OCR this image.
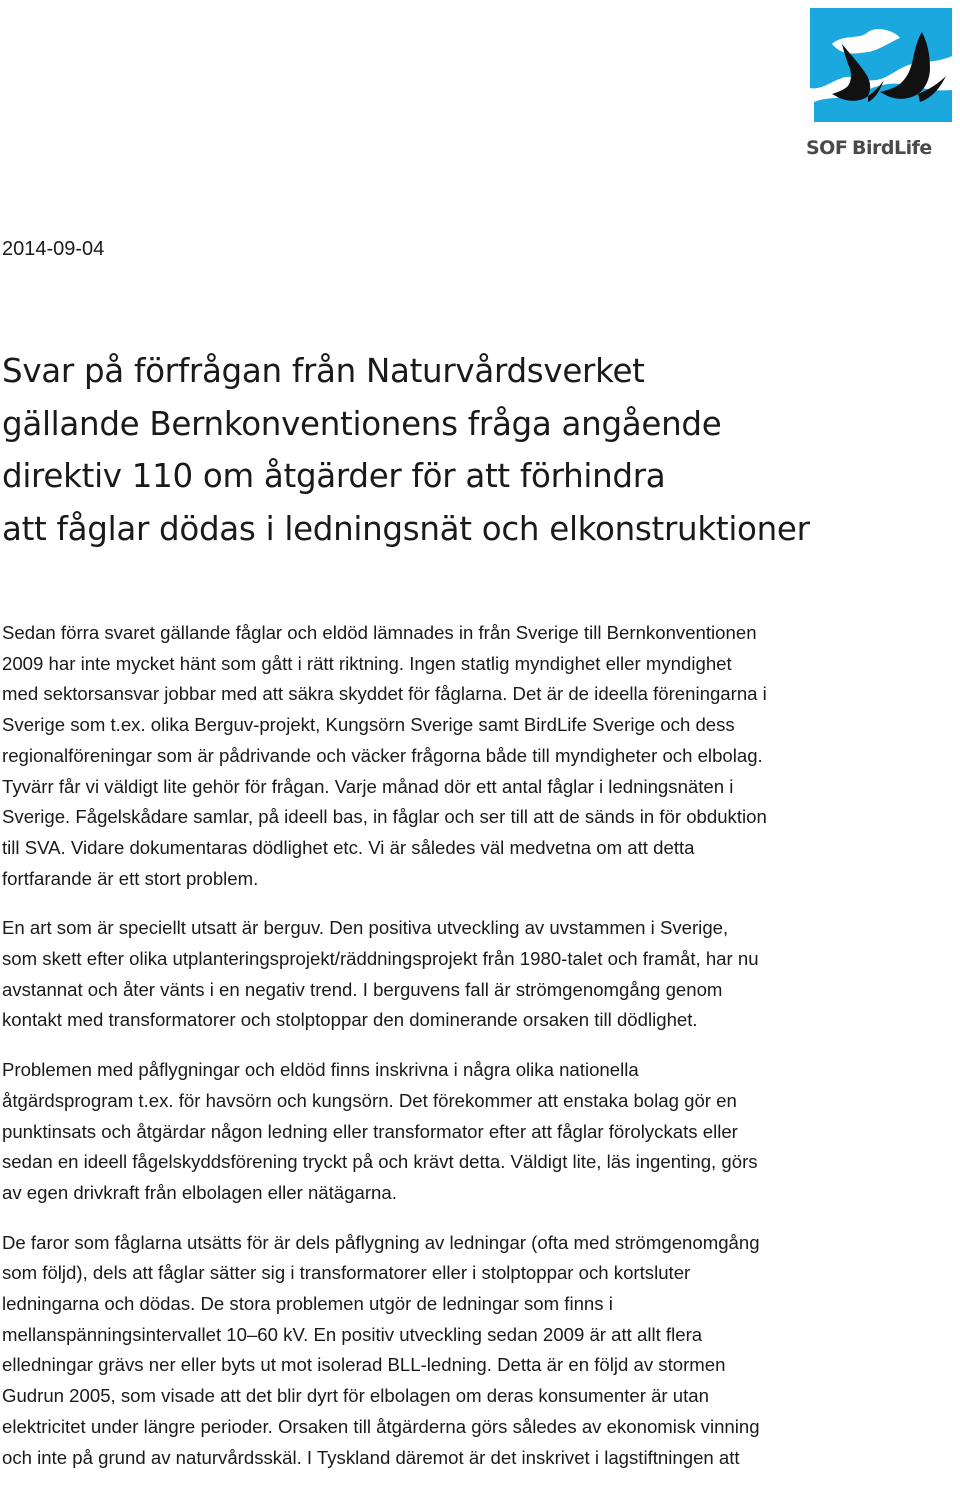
SOF BirdLife

2014-09-04

Svar på förfrågan från Naturvårdsverket
gällande Bernkonventionens fråga angående
direktiv 110 om åtgärder för att förhindra
att fåglar dödas i ledningsnät och elkonstruktioner

Sedan förra svaret gällande fåglar och eldöd lämnades in från Sverige till Bernkonventionen
2009 har inte mycket hänt som gått i rätt riktning. Ingen statlig myndighet eller myndighet
med sektorsansvar jobbar med att säkra skyddet för fåglarna. Det är de ideella föreningarna i
Sverige som t.ex. olika Berguv-projekt, Kungsörn Sverige samt BirdLife Sverige och dess
regionalföreningar som är pådrivande och väcker frågorna både till myndigheter och elbolag.
Tyvärr får vi väldigt lite gehör för frågan. Varje månad dör ett antal fåglar i ledningsnäten i
Sverige. Fågelskådare samlar, på ideell bas, in fåglar och ser till att de sänds in för obduktion
till SVA. Vidare dokumentaras dödlighet etc. Vi är således väl medvetna om att detta
fortfarande är ett stort problem.

En art som är speciellt utsatt är berguv. Den positiva utveckling av uvstammen i Sverige,
som skett efter olika utplanteringsprojekt/räddningsprojekt från 1980-talet och framåt, har nu
avstannat och åter vänts i en negativ trend. I berguvens fall är strömgenomgång genom
kontakt med transformatorer och stolptoppar den dominerande orsaken till dödlighet.

Problemen med påflygningar och eldöd finns inskrivna i några olika nationella
åtgärdsprogram t.ex. för havsörn och kungsörn. Det förekommer att enstaka bolag gör en
punktinsats och åtgärdar någon ledning eller transformator efter att fåglar förolyckats eller
sedan en ideell fågelskyddsförening tryckt på och krävt detta. Väldigt lite, läs ingenting, görs
av egen drivkraft från elbolagen eller nätägarna.

De faror som fåglarna utsätts för är dels påflygning av ledningar (ofta med strömgenomgång
som följd), dels att fåglar sätter sig i transformatorer eller i stolptoppar och kortsluter
ledningarna och dödas. De stora problemen utgör de ledningar som finns i
mellanspänningsintervallet 10–60 kV. En positiv utveckling sedan 2009 är att allt flera
elledningar grävs ner eller byts ut mot isolerad BLL-ledning. Detta är en följd av stormen
Gudrun 2005, som visade att det blir dyrt för elbolagen om deras konsumenter är utan
elektricitet under längre perioder. Orsaken till åtgärderna görs således av ekonomisk vinning
och inte på grund av naturvårdsskäl. I Tyskland däremot är det inskrivet i lagstiftningen att
